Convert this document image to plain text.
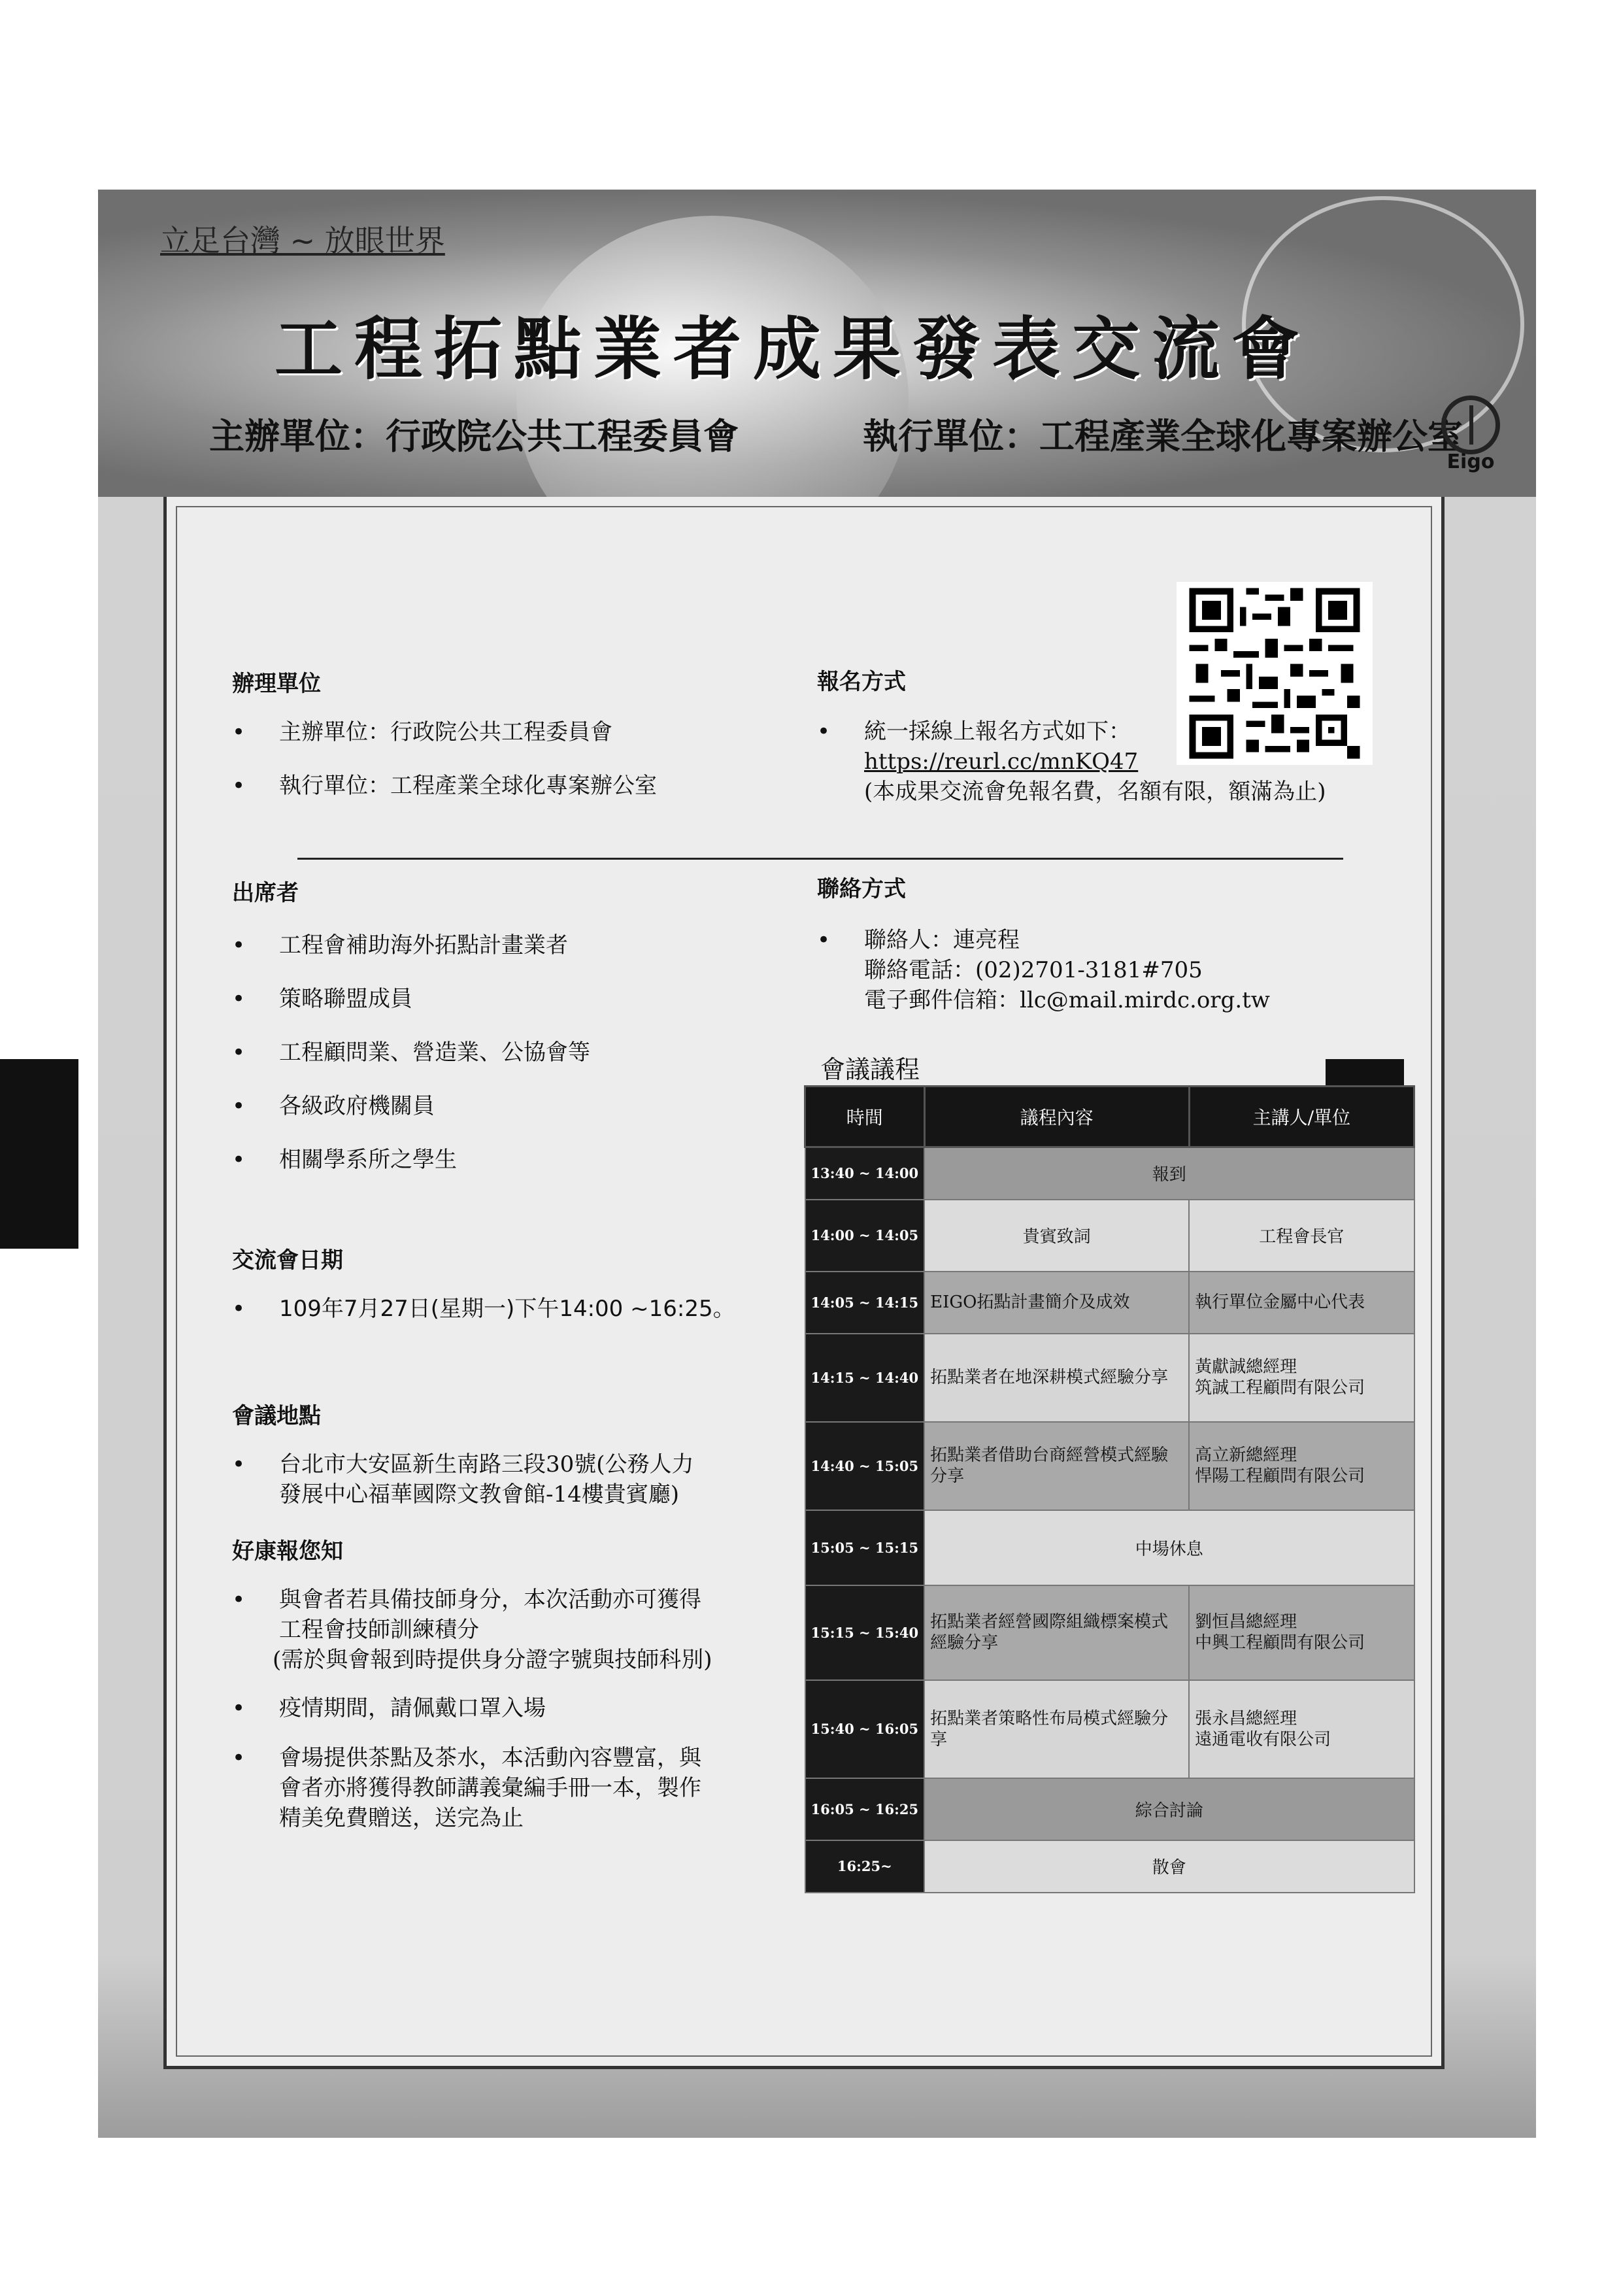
立足台灣 ~ 放眼世界
工程拓點業者成果發表交流會
主辦單位：行政院公共工程委員會	執行單位：工程產業全球化專案辦公室
Eigo
辦理單位
• 主辦單位：行政院公共工程委員會
• 執行單位：工程產業全球化專案辦公室
報名方式
• 統一採線上報名方式如下：
https://reurl.cc/mnKQ47
(本成果交流會免報名費，名額有限，額滿為止)
出席者
• 工程會補助海外拓點計畫業者
• 策略聯盟成員
• 工程顧問業、營造業、公協會等
• 各級政府機關員
• 相關學系所之學生
聯絡方式
• 聯絡人：連亮程
聯絡電話：(02)2701-3181#705
電子郵件信箱：llc@mail.mirdc.org.tw
交流會日期
• 109年7月27日(星期一)下午14:00 ~16:25。
會議地點
• 台北市大安區新生南路三段30號(公務人力
發展中心福華國際文教會館-14樓貴賓廳)
好康報您知
• 與會者若具備技師身分，本次活動亦可獲得
工程會技師訓練積分
(需於與會報到時提供身分證字號與技師科別)
• 疫情期間，請佩戴口罩入場
• 會場提供茶點及茶水，本活動內容豐富，與
會者亦將獲得教師講義彙編手冊一本，製作
精美免費贈送，送完為止
會議議程
時間	議程內容	主講人/單位
13:40 ~ 14:00	報到	
14:00 ~ 14:05	貴賓致詞	工程會長官
14:05 ~ 14:15	EIGO拓點計畫簡介及成效	執行單位金屬中心代表
14:15 ~ 14:40	拓點業者在地深耕模式經驗分享	黃獻誠總經理
筑誠工程顧問有限公司

14:40 ~ 15:05	拓點業者借助台商經營模式經驗分享	高立新總經理
悍陽工程顧問有限公司

15:05 ~ 15:15	中場休息	
15:15 ~ 15:40	拓點業者經營國際組織標案模式經驗分享	劉恒昌總經理
中興工程顧問有限公司

15:40 ~ 16:05	拓點業者策略性布局模式經驗分享	張永昌總經理
遠通電收有限公司

16:05 ~ 16:25	綜合討論	
16:25~	散會	
